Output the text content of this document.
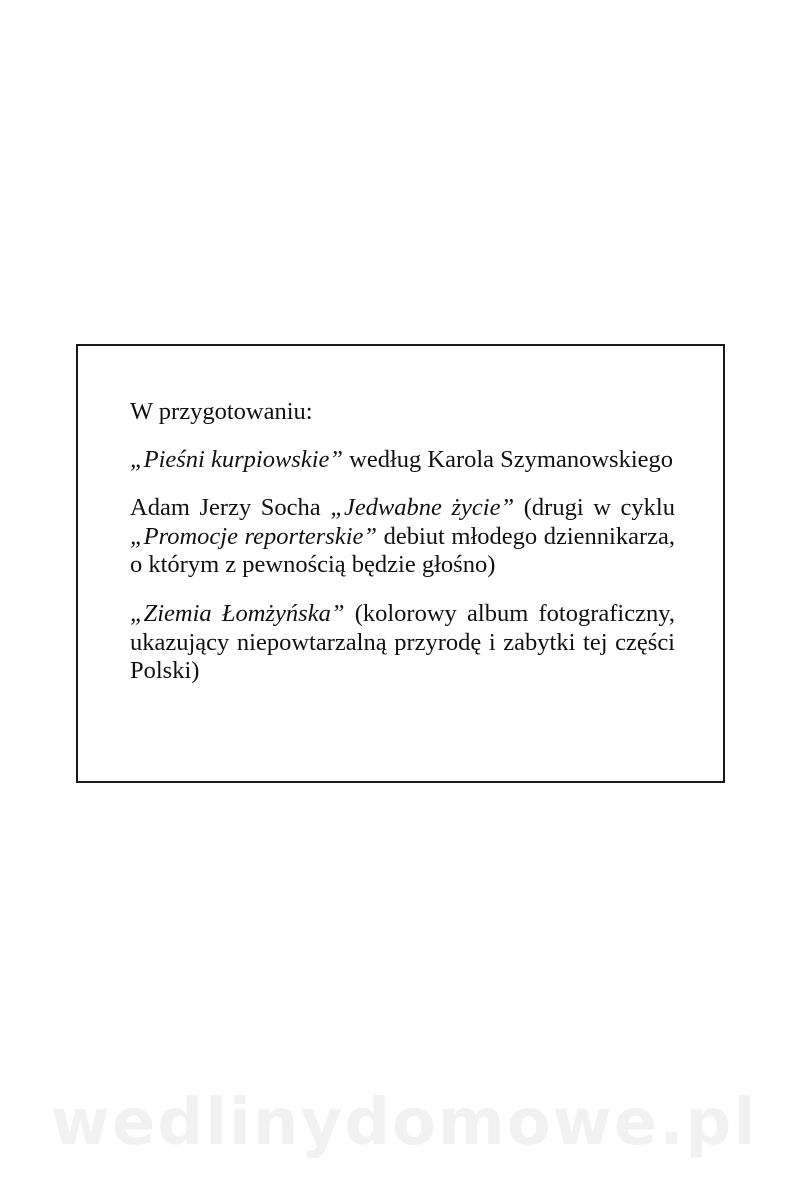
W przygotowaniu:

„Pieśni kurpiowskie” według Karola Szymanowskiego

Adam Jerzy Socha „Jedwabne życie” (drugi w cyklu „Promocje reporterskie” debiut młodego dziennikarza, o którym z pewnością będzie głośno)

„Ziemia Łomżyńska” (kolorowy album fotograficzny, ukazujący niepowtarzalną przyrodę i zabytki tej części Polski)

wedlinydomowe.pl
